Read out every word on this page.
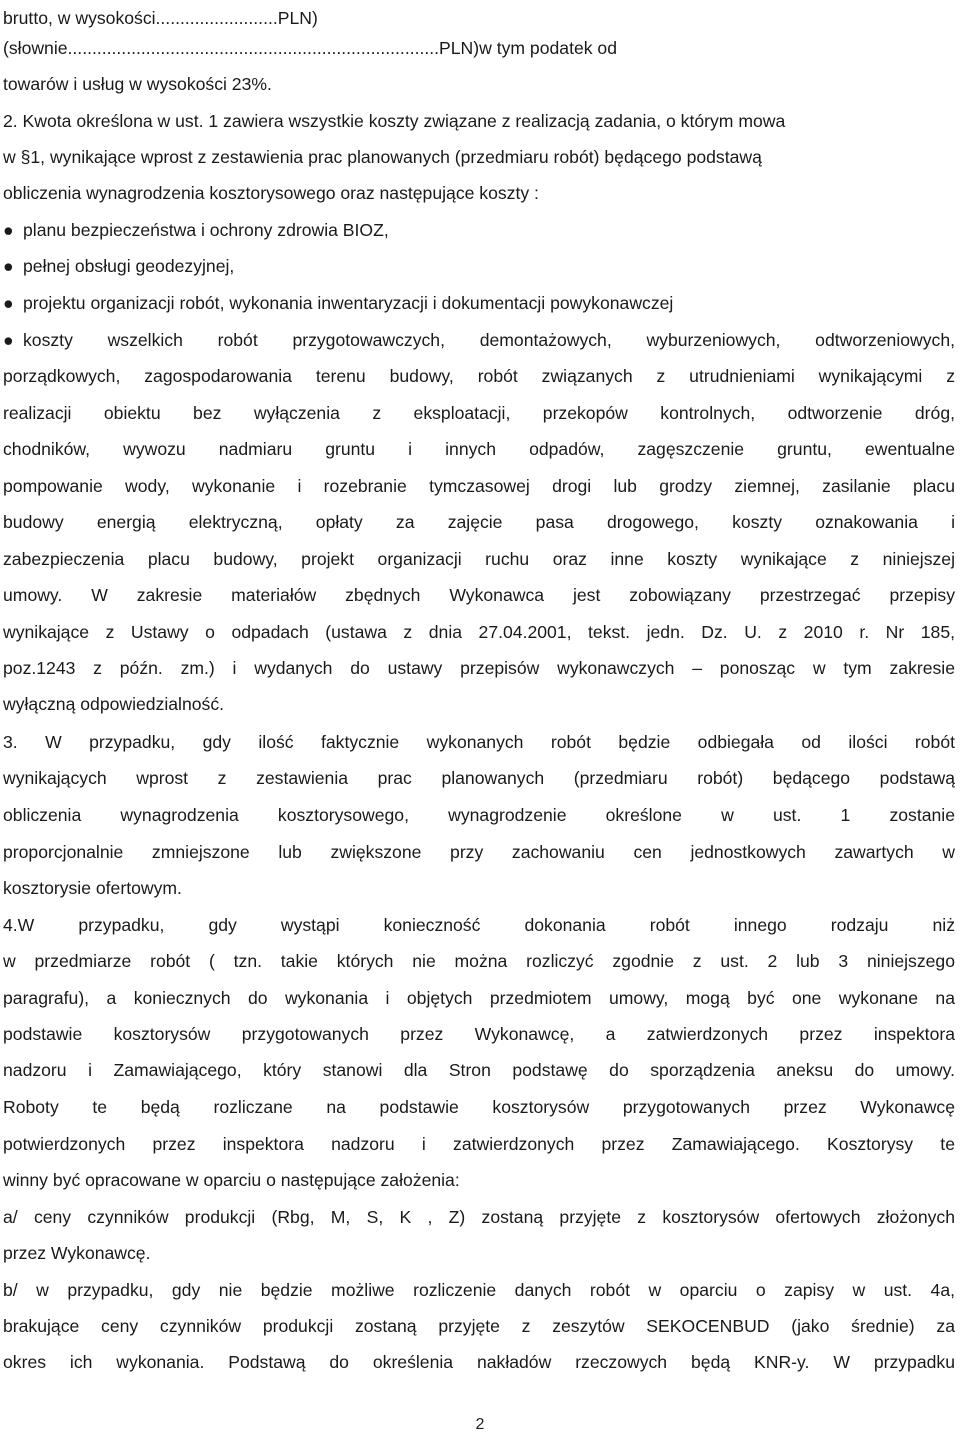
brutto, w wysokości.........................PLN)
(słownie............................................................................PLN)w tym podatek od
towarów i usług w wysokości 23%.
2. Kwota określona w ust. 1 zawiera wszystkie koszty związane z realizacją zadania, o którym mowa
w §1, wynikające wprost z zestawienia prac planowanych (przedmiaru robót) będącego podstawą
obliczenia wynagrodzenia kosztorysowego oraz następujące koszty :
● planu bezpieczeństwa i ochrony zdrowia BIOZ,
● pełnej obsługi geodezyjnej,
● projektu organizacji robót, wykonania inwentaryzacji i dokumentacji powykonawczej
● koszty wszelkich robót przygotowawczych, demontażowych, wyburzeniowych, odtworzeniowych,
porządkowych, zagospodarowania terenu budowy, robót związanych z utrudnieniami wynikającymi z
realizacji obiektu bez wyłączenia z eksploatacji, przekopów kontrolnych, odtworzenie dróg,
chodników, wywozu nadmiaru gruntu i innych odpadów, zagęszczenie gruntu, ewentualne
pompowanie wody, wykonanie i rozebranie tymczasowej drogi lub grodzy ziemnej, zasilanie placu
budowy energią elektryczną, opłaty za zajęcie pasa drogowego, koszty oznakowania i
zabezpieczenia placu budowy, projekt organizacji ruchu oraz inne koszty wynikające z niniejszej
umowy. W zakresie materiałów zbędnych Wykonawca jest zobowiązany przestrzegać przepisy
wynikające z Ustawy o odpadach (ustawa z dnia 27.04.2001, tekst. jedn. Dz. U. z 2010 r. Nr 185,
poz.1243 z późn. zm.) i wydanych do ustawy przepisów wykonawczych – ponosząc w tym zakresie
wyłączną odpowiedzialność.
3. W przypadku, gdy ilość faktycznie wykonanych robót będzie odbiegała od ilości robót
wynikających wprost z zestawienia prac planowanych (przedmiaru robót) będącego podstawą
obliczenia wynagrodzenia kosztorysowego, wynagrodzenie określone w ust. 1 zostanie
proporcjonalnie zmniejszone lub zwiększone przy zachowaniu cen jednostkowych zawartych w
kosztorysie ofertowym.
4.W przypadku, gdy wystąpi konieczność dokonania robót innego rodzaju niż
w przedmiarze robót ( tzn. takie których nie można rozliczyć zgodnie z ust. 2 lub 3 niniejszego
paragrafu), a koniecznych do wykonania i objętych przedmiotem umowy, mogą być one wykonane na
podstawie kosztorysów przygotowanych przez Wykonawcę, a zatwierdzonych przez inspektora
nadzoru i Zamawiającego, który stanowi dla Stron podstawę do sporządzenia aneksu do umowy.
Roboty te będą rozliczane na podstawie kosztorysów przygotowanych przez Wykonawcę
potwierdzonych przez inspektora nadzoru i zatwierdzonych przez Zamawiającego. Kosztorysy te
winny być opracowane w oparciu o następujące założenia:
a/ ceny czynników produkcji (Rbg, M, S, K , Z) zostaną przyjęte z kosztorysów ofertowych złożonych
przez Wykonawcę.
b/ w przypadku, gdy nie będzie możliwe rozliczenie danych robót w oparciu o zapisy w ust. 4a,
brakujące ceny czynników produkcji zostaną przyjęte z zeszytów SEKOCENBUD (jako średnie) za
okres ich wykonania. Podstawą do określenia nakładów rzeczowych będą KNR-y. W przypadku
2
